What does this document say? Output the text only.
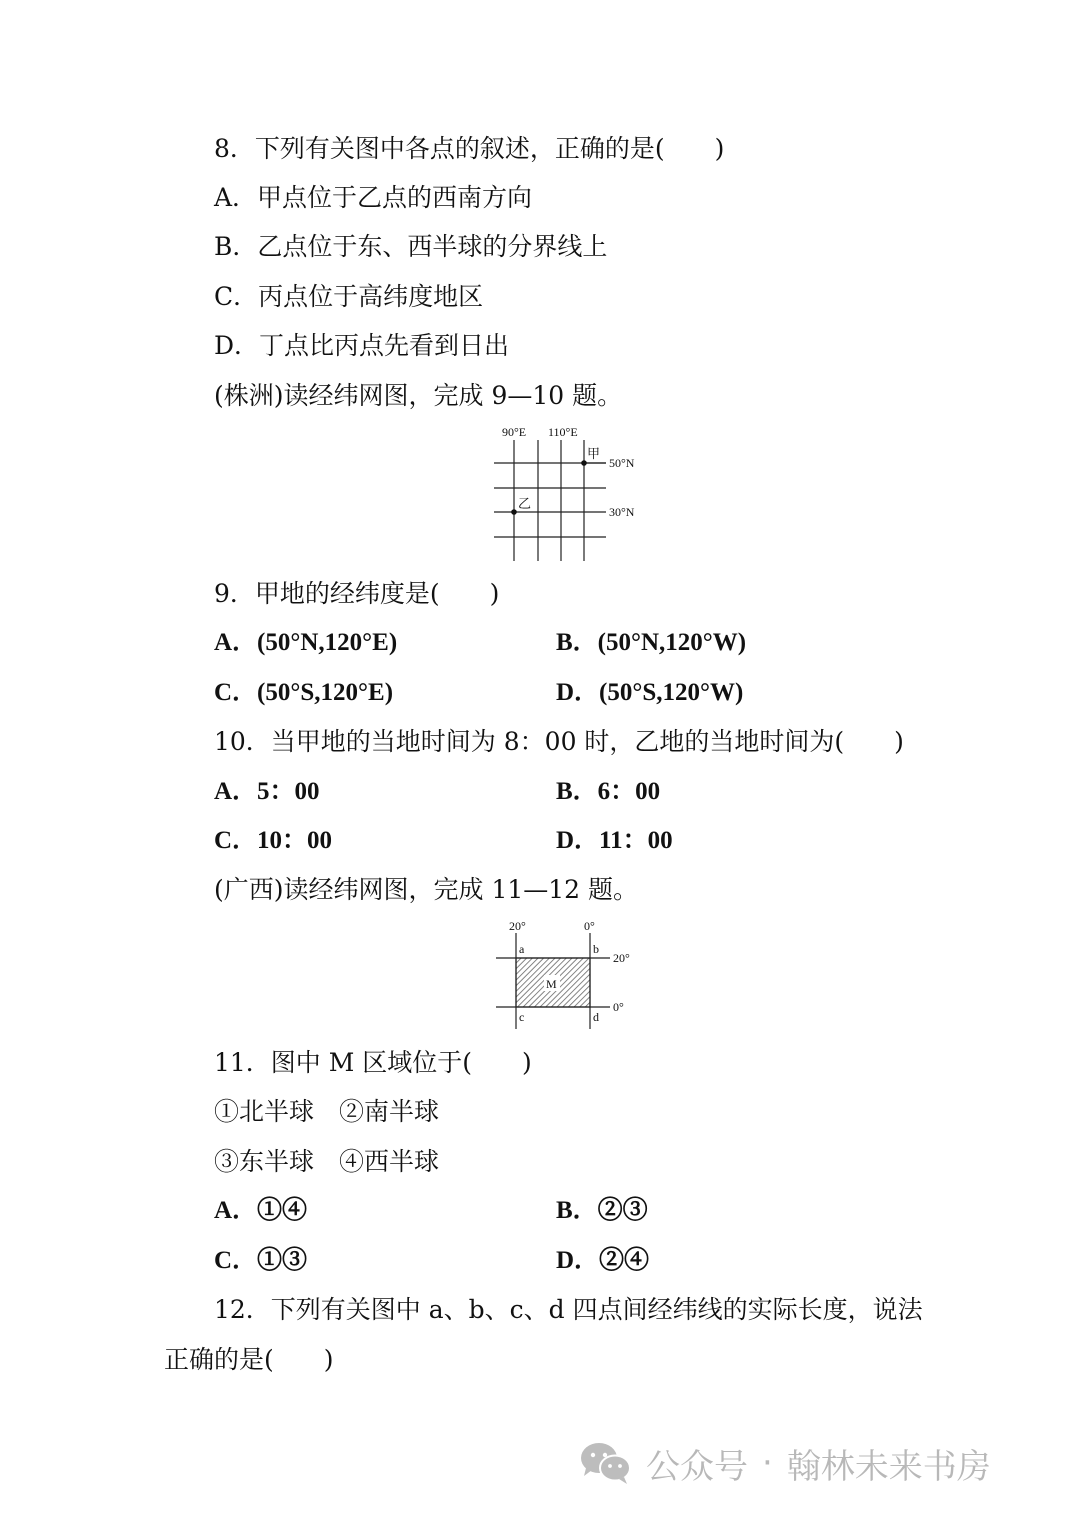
8．下列有关图中各点的叙述，正确的是(　　)
A．甲点位于乙点的西南方向
B．乙点位于东、西半球的分界线上
C．丙点位于高纬度地区
D．丁点比丙点先看到日出
(株洲)读经纬网图，完成 9—10 题。
90°E 110°E
50°N
30°N
甲
乙
9．甲地的经纬度是(　　)
A．(50°N,120°E)	B．(50°N,120°W)
C．(50°S,120°E)	D．(50°S,120°W)
10．当甲地的当地时间为 8：00 时，乙地的当地时间为(　　)
A．5：00	B．6：00
C．10：00	D．11：00
(广西)读经纬网图，完成 11—12 题。
M
20°	0°
20°
0°
a	b
c	d
11．图中 M 区域位于(　　)
①北半球　②南半球
③东半球　④西半球
A．①④	B．②③
C．①③	D．②④
12．下列有关图中 a、b、c、d 四点间经纬线的实际长度，说法
正确的是(　　)
公众号 · 翰林未来书房
